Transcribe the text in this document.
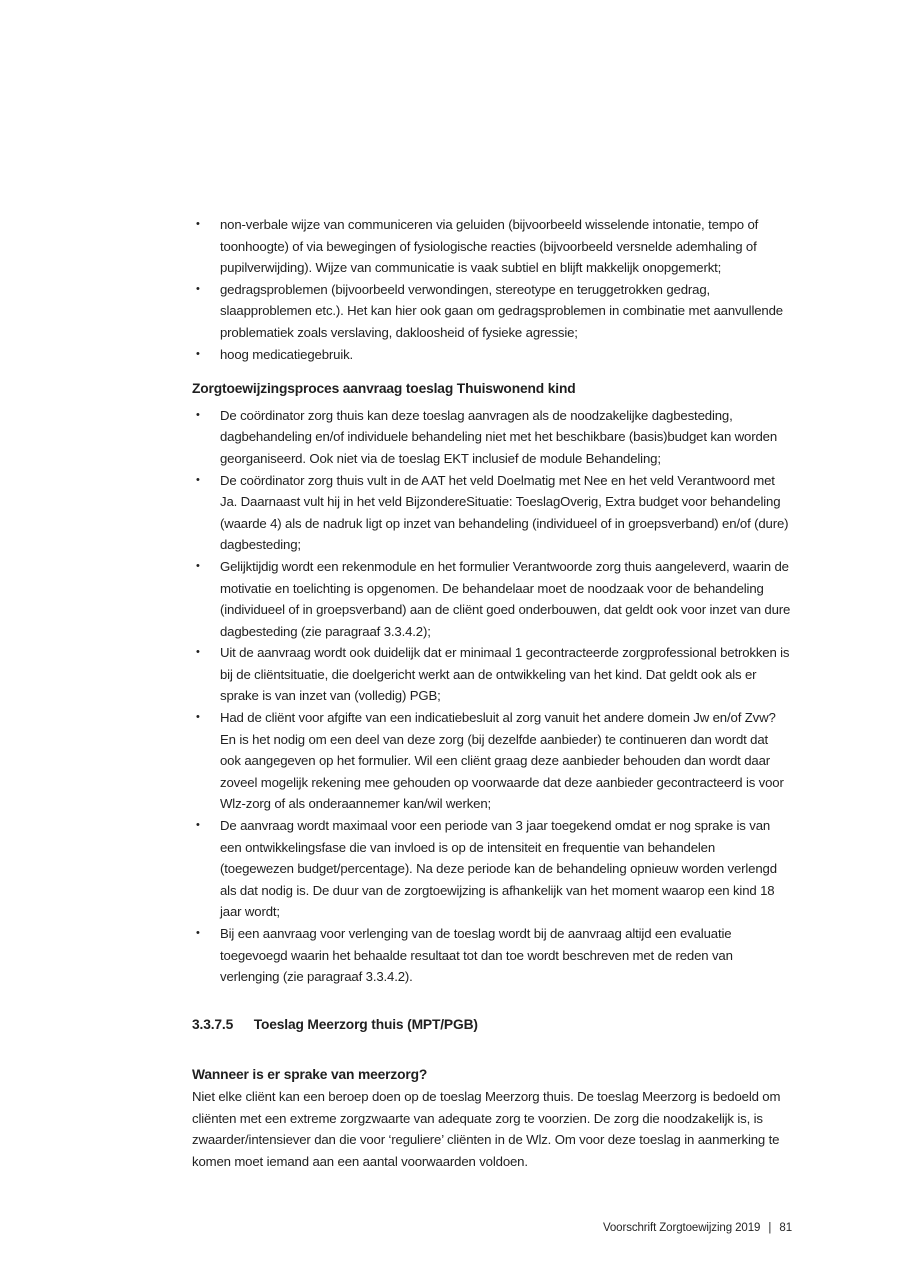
•	non-verbale wijze van communiceren via geluiden (bijvoorbeeld wisselende intonatie, tempo of toonhoogte) of via bewegingen of fysiologische reacties (bijvoorbeeld versnelde ademhaling of pupilverwijding). Wijze van communicatie is vaak subtiel en blijft makkelijk onopgemerkt;
•	gedragsproblemen (bijvoorbeeld verwondingen, stereotype en teruggetrokken gedrag, slaapproblemen etc.). Het kan hier ook gaan om gedragsproblemen in combinatie met aanvullende problematiek zoals verslaving, dakloosheid of fysieke agressie;
•	hoog medicatiegebruik.
Zorgtoewijzingsproces aanvraag toeslag Thuiswonend kind
•	De coördinator zorg thuis kan deze toeslag aanvragen als de noodzakelijke dagbesteding, dagbehandeling en/of individuele behandeling niet met het beschikbare (basis)budget kan worden georganiseerd. Ook niet via de toeslag EKT inclusief de module Behandeling;
•	De coördinator zorg thuis vult in de AAT het veld Doelmatig met Nee en het veld Verantwoord met Ja. Daarnaast vult hij in het veld BijzondereSituatie: ToeslagOverig, Extra budget voor behandeling (waarde 4) als de nadruk ligt op inzet van behandeling (individueel of in groepsverband) en/of (dure) dagbesteding;
•	Gelijktijdig wordt een rekenmodule en het formulier Verantwoorde zorg thuis aangeleverd, waarin de motivatie en toelichting is opgenomen. De behandelaar moet de noodzaak voor de behandeling (individueel of in groepsverband) aan de cliënt goed onderbouwen, dat geldt ook voor inzet van dure dagbesteding (zie paragraaf 3.3.4.2);
•	Uit de aanvraag wordt ook duidelijk dat er minimaal 1 gecontracteerde zorgprofessional betrokken is bij de cliëntsituatie, die doelgericht werkt aan de ontwikkeling van het kind. Dat geldt ook als er sprake is van inzet van (volledig) PGB;
•	Had de cliënt voor afgifte van een indicatiebesluit al zorg vanuit het andere domein Jw en/of Zvw? En is het nodig om een deel van deze zorg (bij dezelfde aanbieder) te continueren dan wordt dat ook aangegeven op het formulier. Wil een cliënt graag deze aanbieder behouden dan wordt daar zoveel mogelijk rekening mee gehouden op voorwaarde dat deze aanbieder gecontracteerd is voor Wlz-zorg of als onderaannemer kan/wil werken;
•	De aanvraag wordt maximaal voor een periode van 3 jaar toegekend omdat er nog sprake is van een ontwikkelingsfase die van invloed is op de intensiteit en frequentie van behandelen (toegewezen budget/percentage). Na deze periode kan de behandeling opnieuw worden verlengd als dat nodig is. De duur van de zorgtoewijzing is afhankelijk van het moment waarop een kind 18 jaar wordt;
•	Bij een aanvraag voor verlenging van de toeslag wordt bij de aanvraag altijd een evaluatie toegevoegd waarin het behaalde resultaat tot dan toe wordt beschreven met de reden van verlenging (zie paragraaf 3.3.4.2).
3.3.7.5 Toeslag Meerzorg thuis (MPT/PGB)
Wanneer is er sprake van meerzorg?

Niet elke cliënt kan een beroep doen op de toeslag Meerzorg thuis. De toeslag Meerzorg is bedoeld om cliënten met een extreme zorgzwaarte van adequate zorg te voorzien. De zorg die noodzakelijk is, is zwaarder/intensiever dan die voor ‘reguliere’ cliënten in de Wlz. Om voor deze toeslag in aanmerking te komen moet iemand aan een aantal voorwaarden voldoen.

Voorschrift Zorgtoewijzing 2019 | 81
